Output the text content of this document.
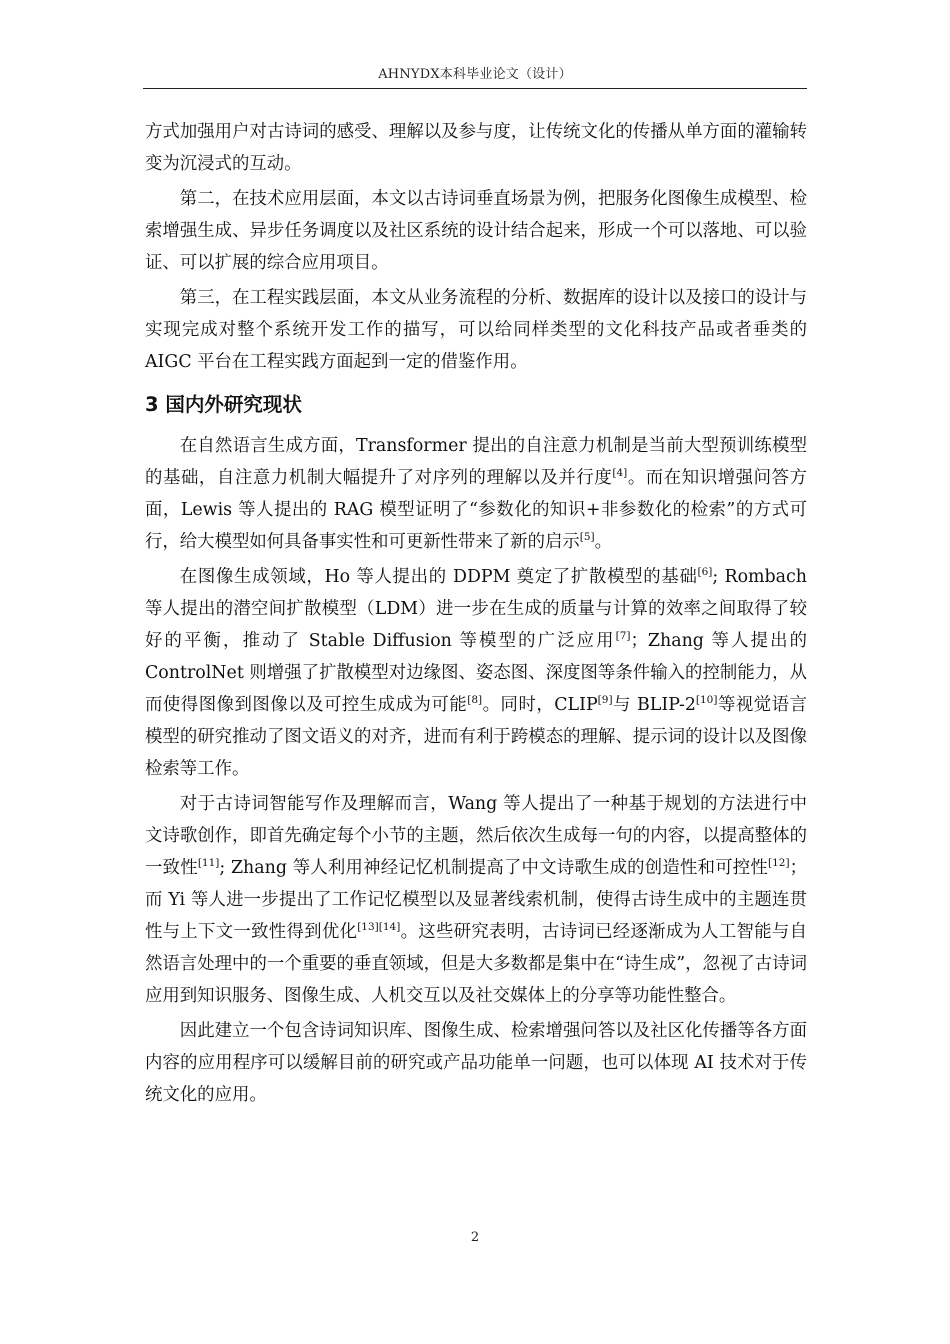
AHNYDX本科毕业论文（设计）

方式加强用户对古诗词的感受、理解以及参与度，让传统文化的传播从单方面的灌输转变为沉浸式的互动。

第二，在技术应用层面，本文以古诗词垂直场景为例，把服务化图像生成模型、检索增强生成、异步任务调度以及社区系统的设计结合起来，形成一个可以落地、可以验证、可以扩展的综合应用项目。

第三，在工程实践层面，本文从业务流程的分析、数据库的设计以及接口的设计与实现完成对整个系统开发工作的描写，可以给同样类型的文化科技产品或者垂类的 AIGC 平台在工程实践方面起到一定的借鉴作用。

3 国内外研究现状

在自然语言生成方面，Transformer 提出的自注意力机制是当前大型预训练模型的基础，自注意力机制大幅提升了对序列的理解以及并行度[4]。而在知识增强问答方面，Lewis 等人提出的 RAG 模型证明了“参数化的知识+非参数化的检索”的方式可行，给大模型如何具备事实性和可更新性带来了新的启示[5]。

在图像生成领域，Ho 等人提出的 DDPM 奠定了扩散模型的基础[6]; Rombach 等人提出的潜空间扩散模型（LDM）进一步在生成的质量与计算的效率之间取得了较好的平衡，推动了 Stable Diffusion 等模型的广泛应用[7]；Zhang 等人提出的 ControlNet 则增强了扩散模型对边缘图、姿态图、深度图等条件输入的控制能力，从而使得图像到图像以及可控生成成为可能[8]。同时，CLIP[9]与 BLIP-2[10]等视觉语言模型的研究推动了图文语义的对齐，进而有利于跨模态的理解、提示词的设计以及图像检索等工作。

对于古诗词智能写作及理解而言，Wang 等人提出了一种基于规划的方法进行中文诗歌创作，即首先确定每个小节的主题，然后依次生成每一句的内容，以提高整体的一致性[11]; Zhang 等人利用神经记忆机制提高了中文诗歌生成的创造性和可控性[12]；而 Yi 等人进一步提出了工作记忆模型以及显著线索机制，使得古诗生成中的主题连贯性与上下文一致性得到优化[13][14]。这些研究表明，古诗词已经逐渐成为人工智能与自然语言处理中的一个重要的垂直领域，但是大多数都是集中在“诗生成”，忽视了古诗词应用到知识服务、图像生成、人机交互以及社交媒体上的分享等功能性整合。

因此建立一个包含诗词知识库、图像生成、检索增强问答以及社区化传播等各方面内容的应用程序可以缓解目前的研究或产品功能单一问题，也可以体现 AI 技术对于传统文化的应用。

2
